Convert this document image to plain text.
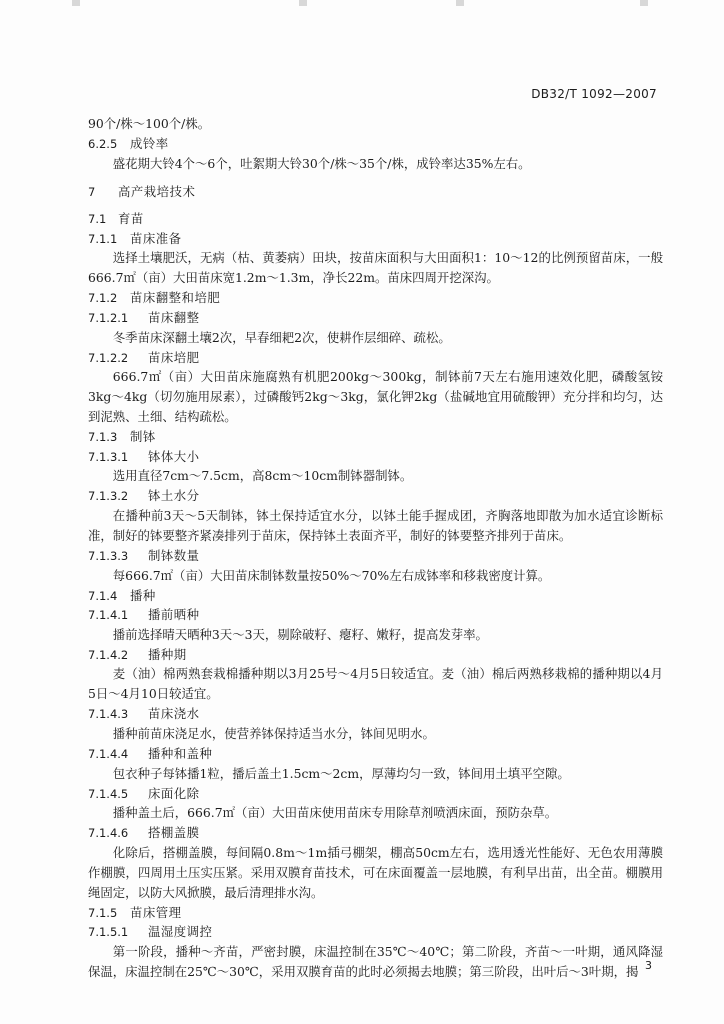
DB32/T 1092—2007
90个/株～100个/株。
6.2.5 成铃率
盛花期大铃4个～6个，吐絮期大铃30个/株～35个/株，成铃率达35%左右。
7 高产栽培技术
7.1 育苗
7.1.1 苗床准备
选择土壤肥沃，无病（枯、黄萎病）田块，按苗床面积与大田面积1：10～12的比例预留苗床，一般666.7㎡（亩）大田苗床宽1.2m～1.3m，净长22m。苗床四周开挖深沟。
7.1.2 苗床翻整和培肥
7.1.2.1 苗床翻整
冬季苗床深翻土壤2次，早春细耙2次，使耕作层细碎、疏松。
7.1.2.2 苗床培肥
666.7㎡（亩）大田苗床施腐熟有机肥200kg～300kg，制钵前7天左右施用速效化肥，磷酸氢铵3kg～4kg（切勿施用尿素），过磷酸钙2kg～3kg，氯化钾2kg（盐碱地宜用硫酸钾）充分拌和均匀，达到泥熟、土细、结构疏松。
7.1.3 制钵
7.1.3.1 钵体大小
选用直径7cm～7.5cm，高8cm～10cm制钵器制钵。
7.1.3.2 钵土水分
在播种前3天～5天制钵，钵土保持适宜水分，以钵土能手握成团，齐胸落地即散为加水适宜诊断标准，制好的钵要整齐紧凑排列于苗床，保持钵土表面齐平，制好的钵要整齐排列于苗床。
7.1.3.3 制钵数量
每666.7㎡（亩）大田苗床制钵数量按50%～70%左右成钵率和移栽密度计算。
7.1.4 播种
7.1.4.1 播前晒种
播前选择晴天晒种3天～3天，剔除破籽、瘪籽、嫩籽，提高发芽率。
7.1.4.2 播种期
麦（油）棉两熟套栽棉播种期以3月25号～4月5日较适宜。麦（油）棉后两熟移栽棉的播种期以4月5日～4月10日较适宜。
7.1.4.3 苗床浇水
播种前苗床浇足水，使营养钵保持适当水分，钵间见明水。
7.1.4.4 播种和盖种
包衣种子每钵播1粒，播后盖土1.5cm～2cm，厚薄均匀一致，钵间用土填平空隙。
7.1.4.5 床面化除
播种盖土后，666.7㎡（亩）大田苗床使用苗床专用除草剂喷洒床面，预防杂草。
7.1.4.6 搭棚盖膜
化除后，搭棚盖膜，每间隔0.8m～1m插弓棚架，棚高50cm左右，选用透光性能好、无色农用薄膜作棚膜，四周用土压实压紧。采用双膜育苗技术，可在床面覆盖一层地膜，有利早出苗，出全苗。棚膜用绳固定，以防大风掀膜，最后清理排水沟。
7.1.5 苗床管理
7.1.5.1 温湿度调控
第一阶段，播种～齐苗，严密封膜，床温控制在35℃～40℃；第二阶段，齐苗～一叶期，通风降湿保温，床温控制在25℃～30℃，采用双膜育苗的此时必须揭去地膜；第三阶段，出叶后～3叶期，揭 3
